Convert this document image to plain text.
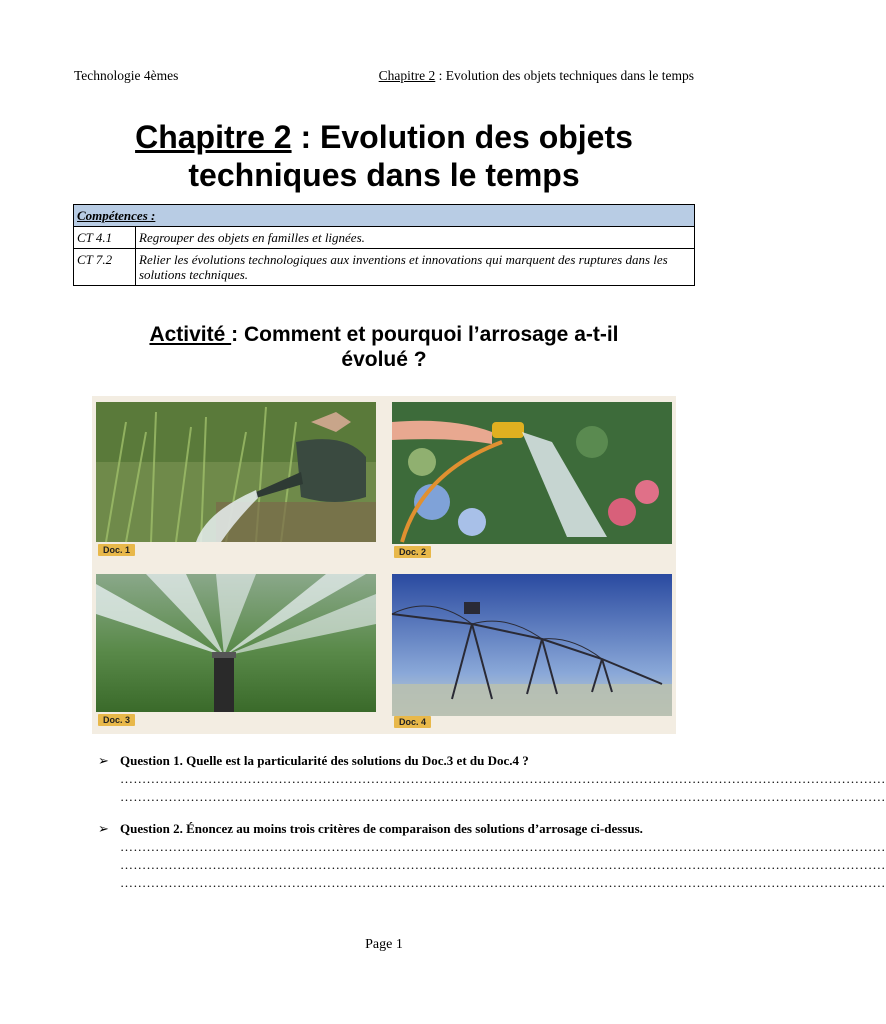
Technologie 4èmes	Chapitre 2 : Evolution des objets techniques dans le temps
Chapitre 2 : Evolution des objets
techniques dans le temps
Compétences :	
CT 4.1	Regrouper des objets en familles et lignées.
CT 7.2	Relier les évolutions technologiques aux inventions et innovations qui marquent des ruptures dans les solutions techniques.
Activité : Comment et pourquoi l’arrosage a-t-il
évolué ?
Doc. 1	Doc. 2
Doc. 3	Doc. 4
➢ Question 1. Quelle est la particularité des solutions du Doc.3 et du Doc.4 ?
…………………………………………………………………………………………………………………………………………………………
…………………………………………………………………………………………………………………………………………………………
➢ Question 2. Énoncez au moins trois critères de comparaison des solutions d’arrosage ci-dessus.
…………………………………………………………………………………………………………………………………………………………
…………………………………………………………………………………………………………………………………………………………
…………………………………………………………………………………………………………………………………………………………
Page 1
